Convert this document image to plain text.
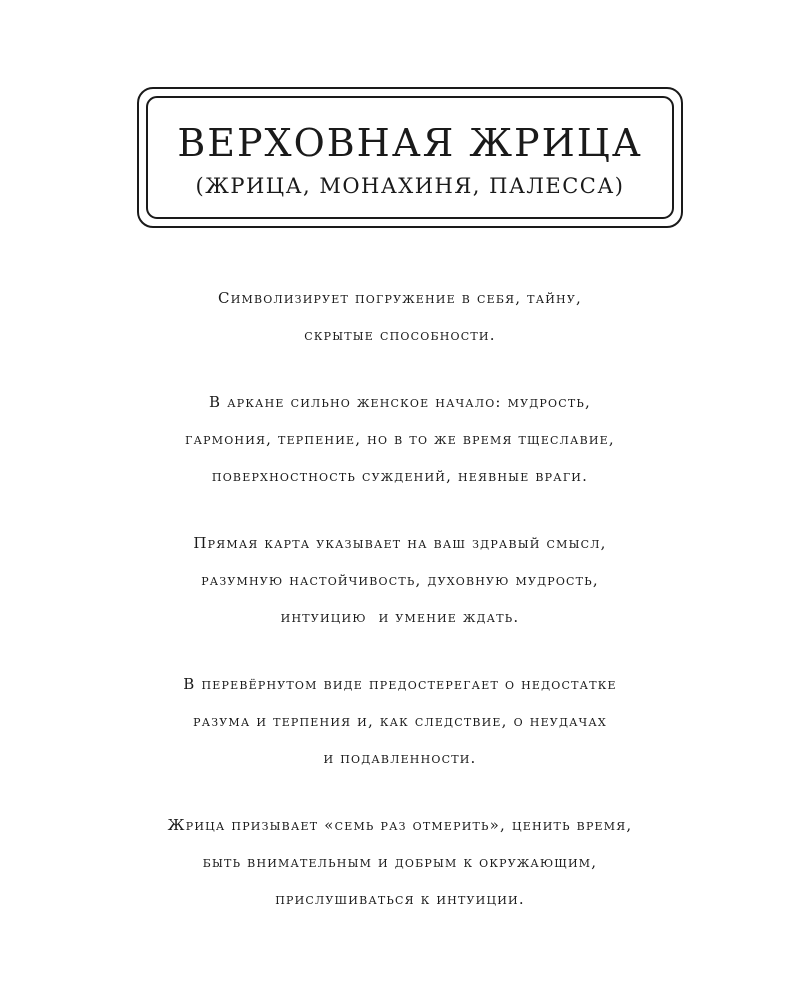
ВЕРХОВНАЯ ЖРИЦА
(ЖРИЦА, МОНАХИНЯ, ПАЛЕССА)

Символизирует погружение в себя, тайну,
скрытые способности.

В аркане сильно женское начало: мудрость,
гармония, терпение, но в то же время тщеславие,
поверхностность суждений, неявные враги.

Прямая карта указывает на ваш здравый смысл,
разумную настойчивость, духовную мудрость,
интуицию  и умение ждать.

В перевёрнутом виде предостерегает о недостатке
разума и терпения и, как следствие, о неудачах
и подавленности.

Жрица призывает «семь раз отмерить», ценить время,
быть внимательным и добрым к окружающим,
прислушиваться к интуиции.
